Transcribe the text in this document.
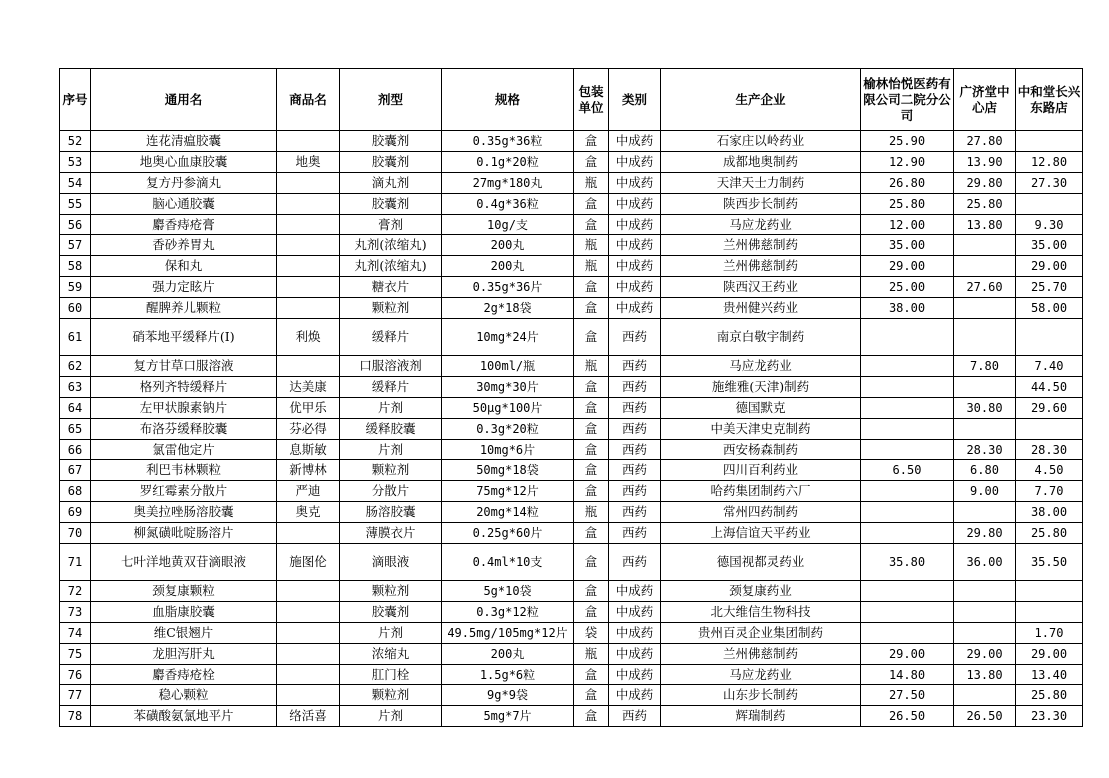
序号	通用名	商品名	剂型	规格	包装单位	类别	生产企业	榆林怡悦医药有限公司二院分公司	广济堂中心店	中和堂长兴东路店
52	连花清瘟胶囊		胶囊剂	0.35g*36粒	盒	中成药	石家庄以岭药业	25.90	27.80	
53	地奥心血康胶囊	地奥	胶囊剂	0.1g*20粒	盒	中成药	成都地奥制药	12.90	13.90	12.80
54	复方丹参滴丸		滴丸剂	27mg*180丸	瓶	中成药	天津天士力制药	26.80	29.80	27.30
55	脑心通胶囊		胶囊剂	0.4g*36粒	盒	中成药	陕西步长制药	25.80	25.80	
56	麝香痔疮膏		膏剂	10g/支	盒	中成药	马应龙药业	12.00	13.80	9.30
57	香砂养胃丸		丸剂(浓缩丸)	200丸	瓶	中成药	兰州佛慈制药	35.00		35.00
58	保和丸		丸剂(浓缩丸)	200丸	瓶	中成药	兰州佛慈制药	29.00		29.00
59	强力定眩片		糖衣片	0.35g*36片	盒	中成药	陕西汉王药业	25.00	27.60	25.70
60	醒脾养儿颗粒		颗粒剂	2g*18袋	盒	中成药	贵州健兴药业	38.00		58.00
61	硝苯地平缓释片(Ⅰ)	利焕	缓释片	10mg*24片	盒	西药	南京白敬宇制药			
62	复方甘草口服溶液		口服溶液剂	100ml/瓶	瓶	西药	马应龙药业		7.80	7.40
63	格列齐特缓释片	达美康	缓释片	30mg*30片	盒	西药	施维雅(天津)制药			44.50
64	左甲状腺素钠片	优甲乐	片剂	50μg*100片	盒	西药	德国默克		30.80	29.60
65	布洛芬缓释胶囊	芬必得	缓释胶囊	0.3g*20粒	盒	西药	中美天津史克制药			
66	氯雷他定片	息斯敏	片剂	10mg*6片	盒	西药	西安杨森制药		28.30	28.30
67	利巴韦林颗粒	新博林	颗粒剂	50mg*18袋	盒	西药	四川百利药业	6.50	6.80	4.50
68	罗红霉素分散片	严迪	分散片	75mg*12片	盒	西药	哈药集团制药六厂		9.00	7.70
69	奥美拉唑肠溶胶囊	奥克	肠溶胶囊	20mg*14粒	瓶	西药	常州四药制药			38.00
70	柳氮磺吡啶肠溶片		薄膜衣片	0.25g*60片	盒	西药	上海信谊天平药业		29.80	25.80
71	七叶洋地黄双苷滴眼液	施图伦	滴眼液	0.4ml*10支	盒	西药	德国视都灵药业	35.80	36.00	35.50
72	颈复康颗粒		颗粒剂	5g*10袋	盒	中成药	颈复康药业			
73	血脂康胶囊		胶囊剂	0.3g*12粒	盒	中成药	北大维信生物科技			
74	维C银翘片		片剂	49.5mg/105mg*12片	袋	中成药	贵州百灵企业集团制药			1.70
75	龙胆泻肝丸		浓缩丸	200丸	瓶	中成药	兰州佛慈制药	29.00	29.00	29.00
76	麝香痔疮栓		肛门栓	1.5g*6粒	盒	中成药	马应龙药业	14.80	13.80	13.40
77	稳心颗粒		颗粒剂	9g*9袋	盒	中成药	山东步长制药	27.50		25.80
78	苯磺酸氨氯地平片	络活喜	片剂	5mg*7片	盒	西药	辉瑞制药	26.50	26.50	23.30
